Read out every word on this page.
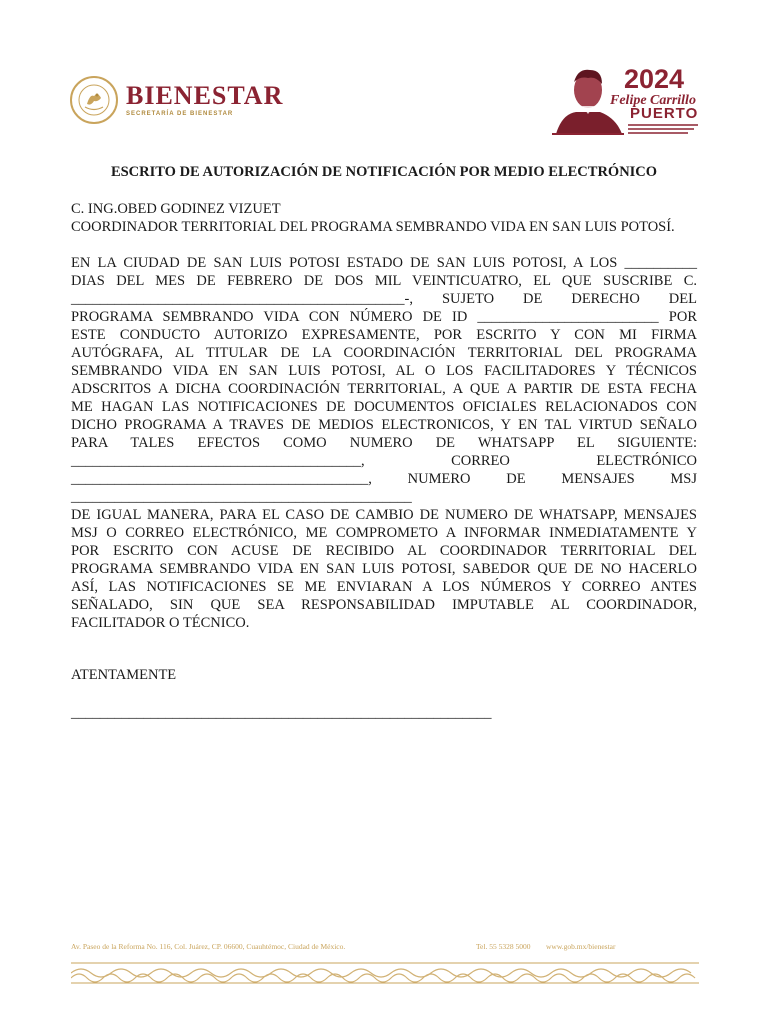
BIENESTAR
SECRETARÍA DE BIENESTAR
2024
Felipe Carrillo
PUERTO
ESCRITO DE AUTORIZACIÓN DE NOTIFICACIÓN POR MEDIO ELECTRÓNICO
C. ING.OBED GODINEZ VIZUET
COORDINADOR TERRITORIAL DEL PROGRAMA SEMBRANDO VIDA EN SAN LUIS POTOSÍ.
EN LA CIUDAD DE SAN LUIS POTOSI ESTADO DE SAN LUIS POTOSI, A LOS __________
DIAS DEL MES DE FEBRERO DE DOS MIL VEINTICUATRO, EL QUE SUSCRIBE C.
______________________________________________-, SUJETO DE DERECHO DEL
PROGRAMA SEMBRANDO VIDA CON NÚMERO DE ID _________________________ POR
ESTE CONDUCTO AUTORIZO EXPRESAMENTE, POR ESCRITO Y CON MI FIRMA
AUTÓGRAFA, AL TITULAR DE LA COORDINACIÓN TERRITORIAL DEL PROGRAMA
SEMBRANDO VIDA EN SAN LUIS POTOSI, AL O LOS FACILITADORES Y TÉCNICOS
ADSCRITOS A DICHA COORDINACIÓN TERRITORIAL, A QUE A PARTIR DE ESTA FECHA
ME HAGAN LAS NOTIFICACIONES DE DOCUMENTOS OFICIALES RELACIONADOS CON
DICHO PROGRAMA A TRAVES DE MEDIOS ELECTRONICOS, Y EN TAL VIRTUD SEÑALO
PARA TALES EFECTOS COMO NUMERO DE WHATSAPP EL SIGUIENTE:
________________________________________, CORREO ELECTRÓNICO
_________________________________________, NUMERO DE MENSAJES MSJ
_______________________________________________
DE IGUAL MANERA, PARA EL CASO DE CAMBIO DE NUMERO DE WHATSAPP, MENSAJES
MSJ O CORREO ELECTRÓNICO, ME COMPROMETO A INFORMAR INMEDIATAMENTE Y
POR ESCRITO CON ACUSE DE RECIBIDO AL COORDINADOR TERRITORIAL DEL
PROGRAMA SEMBRANDO VIDA EN SAN LUIS POTOSI, SABEDOR QUE DE NO HACERLO
ASÍ, LAS NOTIFICACIONES SE ME ENVIARAN A LOS NÚMEROS Y CORREO ANTES
SEÑALADO, SIN QUE SEA RESPONSABILIDAD IMPUTABLE AL COORDINADOR,
FACILITADOR O TÉCNICO.
ATENTAMENTE
__________________________________________________________
Av. Paseo de la Reforma No. 116, Col. Juárez, CP. 06600, Cuauhtémoc, Ciudad de México.	Tel. 55 5328 5000 www.gob.mx/bienestar
